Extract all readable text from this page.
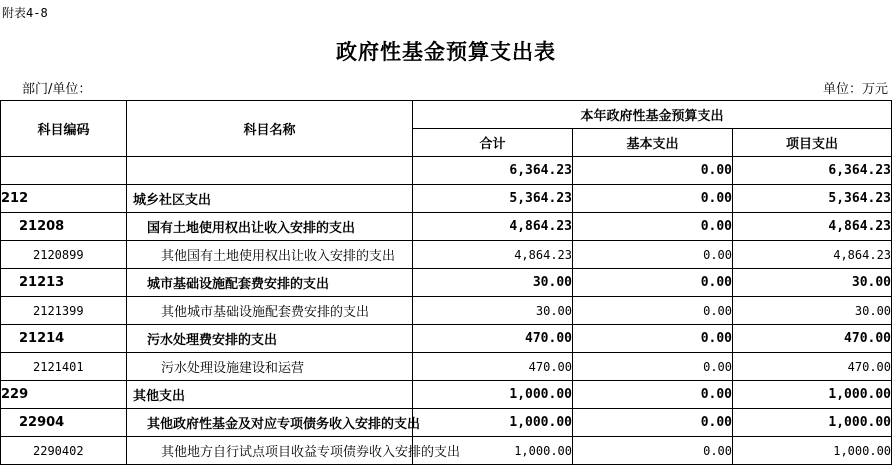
附表4-8
政府性基金预算支出表
部门/单位：	单位：万元
科目编码	科目名称	本年政府性基金预算支出		
		合计	基本支出	项目支出
		6,364.23	0.00	6,364.23
212	城乡社区支出	5,364.23	0.00	5,364.23
21208	国有土地使用权出让收入安排的支出	4,864.23	0.00	4,864.23
2120899	其他国有土地使用权出让收入安排的支出	4,864.23	0.00	4,864.23
21213	城市基础设施配套费安排的支出	30.00	0.00	30.00
2121399	其他城市基础设施配套费安排的支出	30.00	0.00	30.00
21214	污水处理费安排的支出	470.00	0.00	470.00
2121401	污水处理设施建设和运营	470.00	0.00	470.00
229	其他支出	1,000.00	0.00	1,000.00
22904	其他政府性基金及对应专项债务收入安排的支出	1,000.00	0.00	1,000.00
2290402	其他地方自行试点项目收益专项债券收入安排的支出	1,000.00	0.00	1,000.00
